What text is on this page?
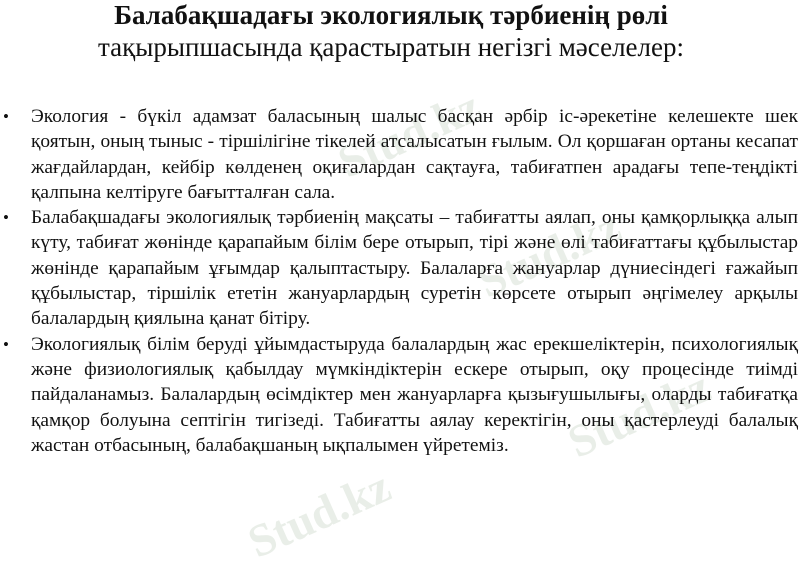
Stud.kz
Stud.kz
Stud.kz
Stud.kz
Балабақшадағы экологиялық тәрбиенің рөлі
тақырыпшасында қарастыратын негізгі мәселелер:
• Экология - бүкіл адамзат баласының шалыс басқан әрбір іс-әрекетіне келешекте шек қоятын, оның тыныс - тіршілігіне тікелей атсалысатын ғылым. Ол қоршаған ортаны кесапат жағдайлардан, кейбір көлденең оқиғалардан сақтауға, табиғатпен арадағы тепе-теңдікті қалпына келтіруге бағытталған сала.
• Балабақшадағы экологиялық тәрбиенің мақсаты – табиғатты аялап, оны қамқорлыққа алып күту, табиғат жөнінде қарапайым білім бере отырып, тірі және өлі табиғаттағы құбылыстар жөнінде қарапайым ұғымдар қалыптастыру. Балаларға жануарлар дүниесіндегі ғажайып құбылыстар, тіршілік ететін жануарлардың суретін көрсете отырып әңгімелеу арқылы балалардың қиялына қанат бітіру.
• Экологиялық білім беруді ұйымдастыруда балалардың жас ерекшеліктерін, психологиялық және физиологиялық қабылдау мүмкіндіктерін ескере отырып, оқу процесінде тиімді пайдаланамыз. Балалардың өсімдіктер мен жануарларға қызығушылығы, оларды табиғатқа қамқор болуына септігін тигізеді. Табиғатты аялау керектігін, оны қастерлеуді балалық жастан отбасының, балабақшаның ықпалымен үйретеміз.
